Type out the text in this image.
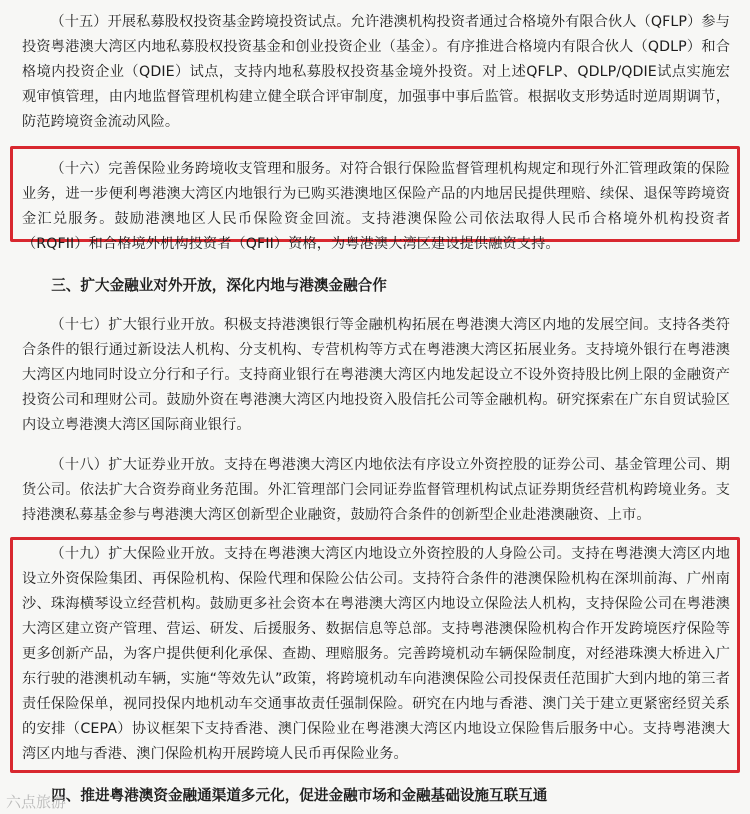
（十五）开展私募股权投资基金跨境投资试点。允许港澳机构投资者通过合格境外有限合伙人（QFLP）参与投资粤港澳大湾区内地私募股权投资基金和创业投资企业（基金）。有序推进合格境内有限合伙人（QDLP）和合格境内投资企业（QDIE）试点，支持内地私募股权投资基金境外投资。对上述QFLP、QDLP/QDIE试点实施宏观审慎管理，由内地监督管理机构建立健全联合评审制度，加强事中事后监管。根据收支形势适时逆周期调节，防范跨境资金流动风险。

（十六）完善保险业务跨境收支管理和服务。对符合银行保险监督管理机构规定和现行外汇管理政策的保险业务，进一步便利粤港澳大湾区内地银行为已购买港澳地区保险产品的内地居民提供理赔、续保、退保等跨境资金汇兑服务。鼓励港澳地区人民币保险资金回流。支持港澳保险公司依法取得人民币合格境外机构投资者（RQFII）和合格境外机构投资者（QFII）资格，为粤港澳大湾区建设提供融资支持。

三、扩大金融业对外开放，深化内地与港澳金融合作

（十七）扩大银行业开放。积极支持港澳银行等金融机构拓展在粤港澳大湾区内地的发展空间。支持各类符合条件的银行通过新设法人机构、分支机构、专营机构等方式在粤港澳大湾区拓展业务。支持境外银行在粤港澳大湾区内地同时设立分行和子行。支持商业银行在粤港澳大湾区内地发起设立不设外资持股比例上限的金融资产投资公司和理财公司。鼓励外资在粤港澳大湾区内地投资入股信托公司等金融机构。研究探索在广东自贸试验区内设立粤港澳大湾区国际商业银行。

（十八）扩大证券业开放。支持在粤港澳大湾区内地依法有序设立外资控股的证券公司、基金管理公司、期货公司。依法扩大合资券商业务范围。外汇管理部门会同证券监督管理机构试点证券期货经营机构跨境业务。支持港澳私募基金参与粤港澳大湾区创新型企业融资，鼓励符合条件的创新型企业赴港澳融资、上市。

（十九）扩大保险业开放。支持在粤港澳大湾区内地设立外资控股的人身险公司。支持在粤港澳大湾区内地设立外资保险集团、再保险机构、保险代理和保险公估公司。支持符合条件的港澳保险机构在深圳前海、广州南沙、珠海横琴设立经营机构。鼓励更多社会资本在粤港澳大湾区内地设立保险法人机构，支持保险公司在粤港澳大湾区建立资产管理、营运、研发、后援服务、数据信息等总部。支持粤港澳保险机构合作开发跨境医疗保险等更多创新产品，为客户提供便利化承保、查勘、理赔服务。完善跨境机动车辆保险制度，对经港珠澳大桥进入广东行驶的港澳机动车辆，实施“等效先认”政策，将跨境机动车向港澳保险公司投保责任范围扩大到内地的第三者责任保险保单，视同投保内地机动车交通事故责任强制保险。研究在内地与香港、澳门关于建立更紧密经贸关系的安排（CEPA）协议框架下支持香港、澳门保险业在粤港澳大湾区内地设立保险售后服务中心。支持粤港澳大湾区内地与香港、澳门保险机构开展跨境人民币再保险业务。

四、推进粤港澳资金融通渠道多元化，促进金融市场和金融基础设施互联互通

六点旅游
